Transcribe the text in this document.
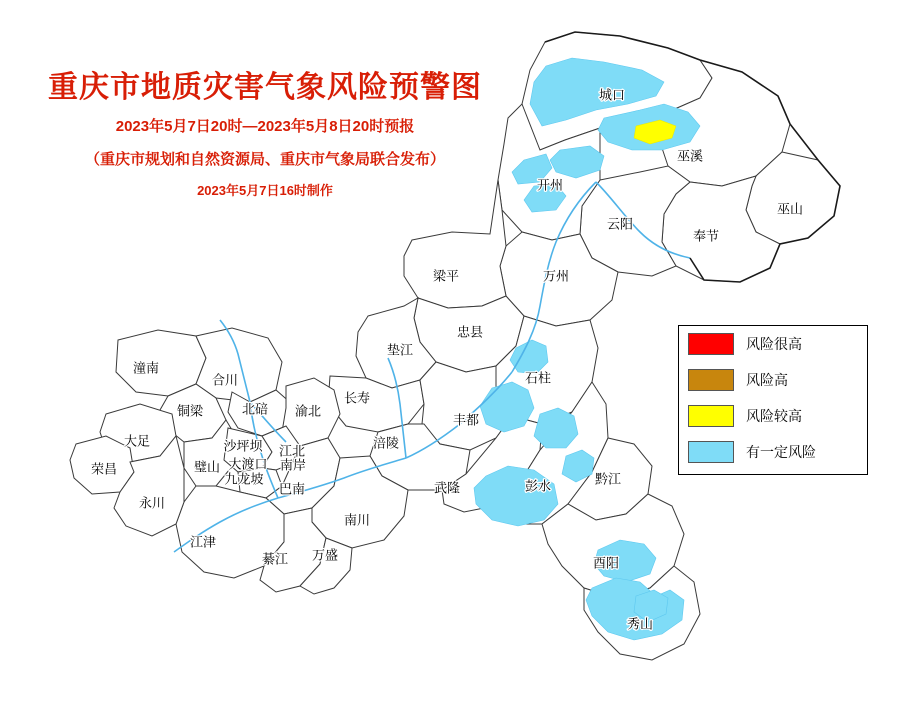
城口
巫溪
巫山
开州
云阳
奉节
万州
梁平
忠县
垫江
石柱
长寿
丰都
潼南
合川
铜梁	北碚 渝北
大足	沙坪坝 江北
涪陵
荣昌	璧山 大渡口 南岸
九龙坡
巴南	武隆	彭水	黔江
永川
南川
江津
綦江 万盛
酉阳
秀山
重庆市地质灾害气象风险预警图
2023年5月7日20时—2023年5月8日20时预报
（重庆市规划和自然资源局、重庆市气象局联合发布）
2023年5月7日16时制作
风险很高
风险高
风险较高
有一定风险
